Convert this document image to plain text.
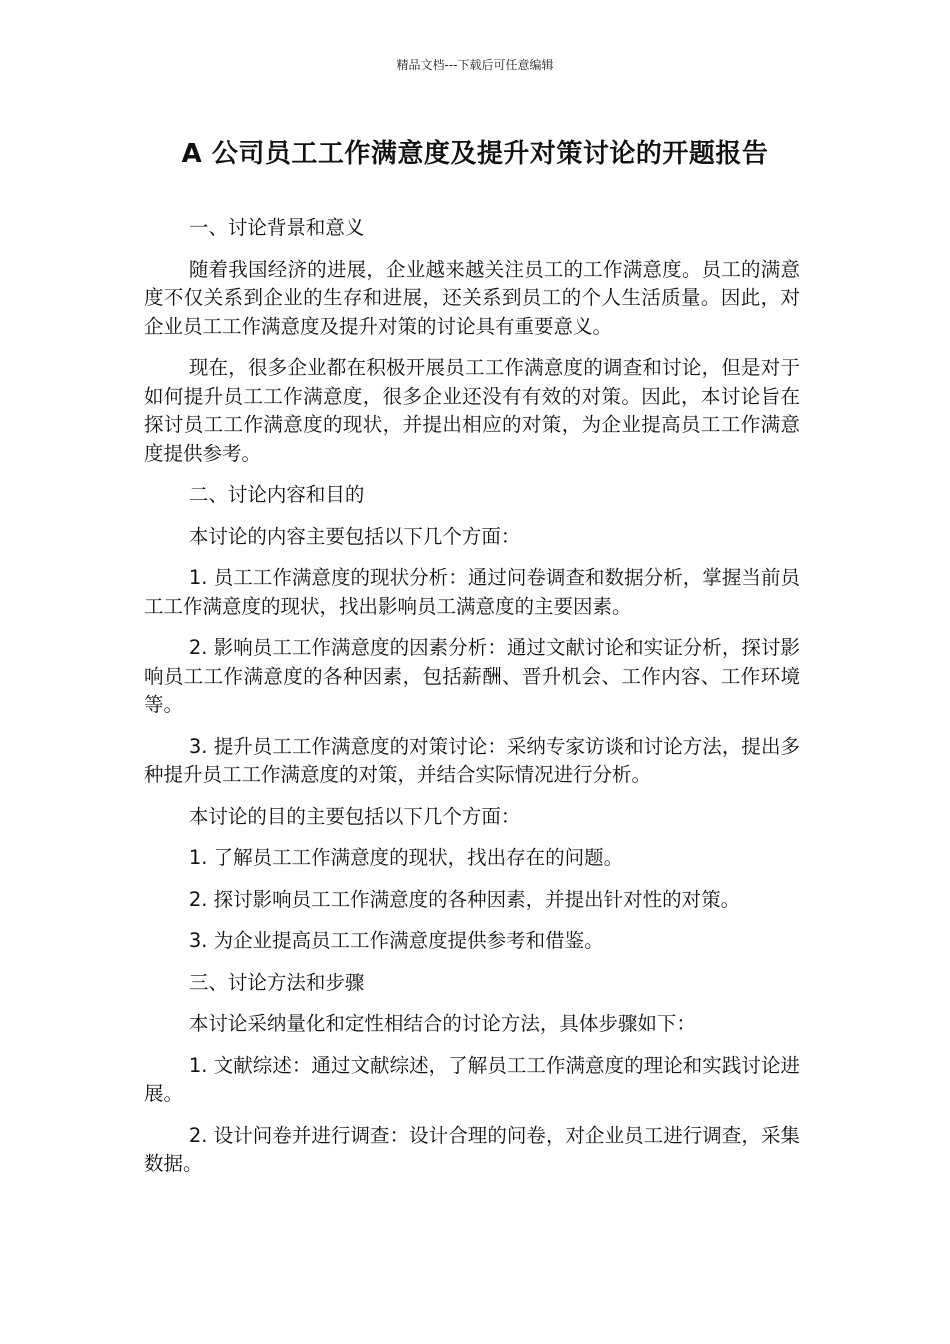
精品文档---下载后可任意编辑
A 公司员工工作满意度及提升对策讨论的开题报告

一、讨论背景和意义

随着我国经济的进展，企业越来越关注员工的工作满意度。员工的满意度不仅关系到企业的生存和进展，还关系到员工的个人生活质量。因此，对企业员工工作满意度及提升对策的讨论具有重要意义。

现在，很多企业都在积极开展员工工作满意度的调查和讨论，但是对于如何提升员工工作满意度，很多企业还没有有效的对策。因此，本讨论旨在探讨员工工作满意度的现状，并提出相应的对策，为企业提高员工工作满意度提供参考。

二、讨论内容和目的

本讨论的内容主要包括以下几个方面：

1. 员工工作满意度的现状分析：通过问卷调查和数据分析，掌握当前员工工作满意度的现状，找出影响员工满意度的主要因素。

2. 影响员工工作满意度的因素分析：通过文献讨论和实证分析，探讨影响员工工作满意度的各种因素，包括薪酬、晋升机会、工作内容、工作环境等。

3. 提升员工工作满意度的对策讨论：采纳专家访谈和讨论方法，提出多种提升员工工作满意度的对策，并结合实际情况进行分析。

本讨论的目的主要包括以下几个方面：

1. 了解员工工作满意度的现状，找出存在的问题。

2. 探讨影响员工工作满意度的各种因素，并提出针对性的对策。

3. 为企业提高员工工作满意度提供参考和借鉴。

三、讨论方法和步骤

本讨论采纳量化和定性相结合的讨论方法，具体步骤如下：

1. 文献综述：通过文献综述，了解员工工作满意度的理论和实践讨论进展。

2. 设计问卷并进行调查：设计合理的问卷，对企业员工进行调查，采集数据。
